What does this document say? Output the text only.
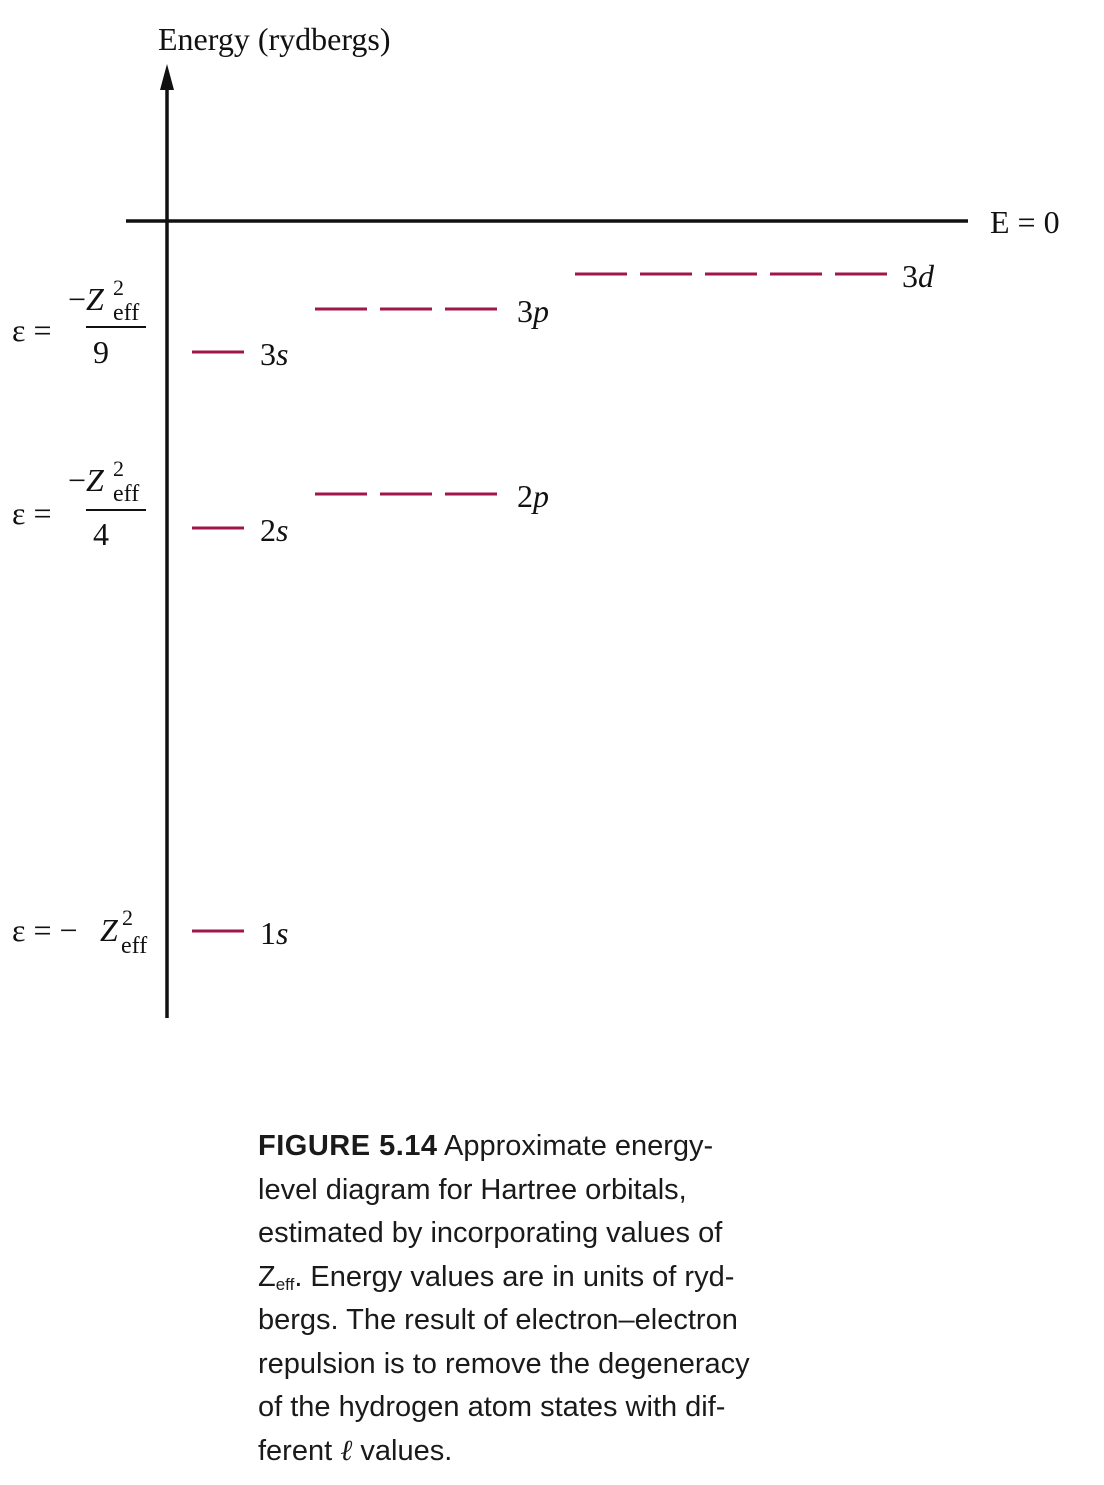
Energy (rydbergs)
E = 0
ε =
−Z 2
eff
9
ε =
−Z 2
eff
4
ε = − Z 2
eff	1s
2s
2p
3s
3p
3d
FIGURE 5.14 Approximate energy-
level diagram for Hartree orbitals,
estimated by incorporating values of
$Z_{eff}$. Energy values are in units of ryd-
bergs. The result of electron–electron
repulsion is to remove the degeneracy
of the hydrogen atom states with dif-
ferent ℓ values.
